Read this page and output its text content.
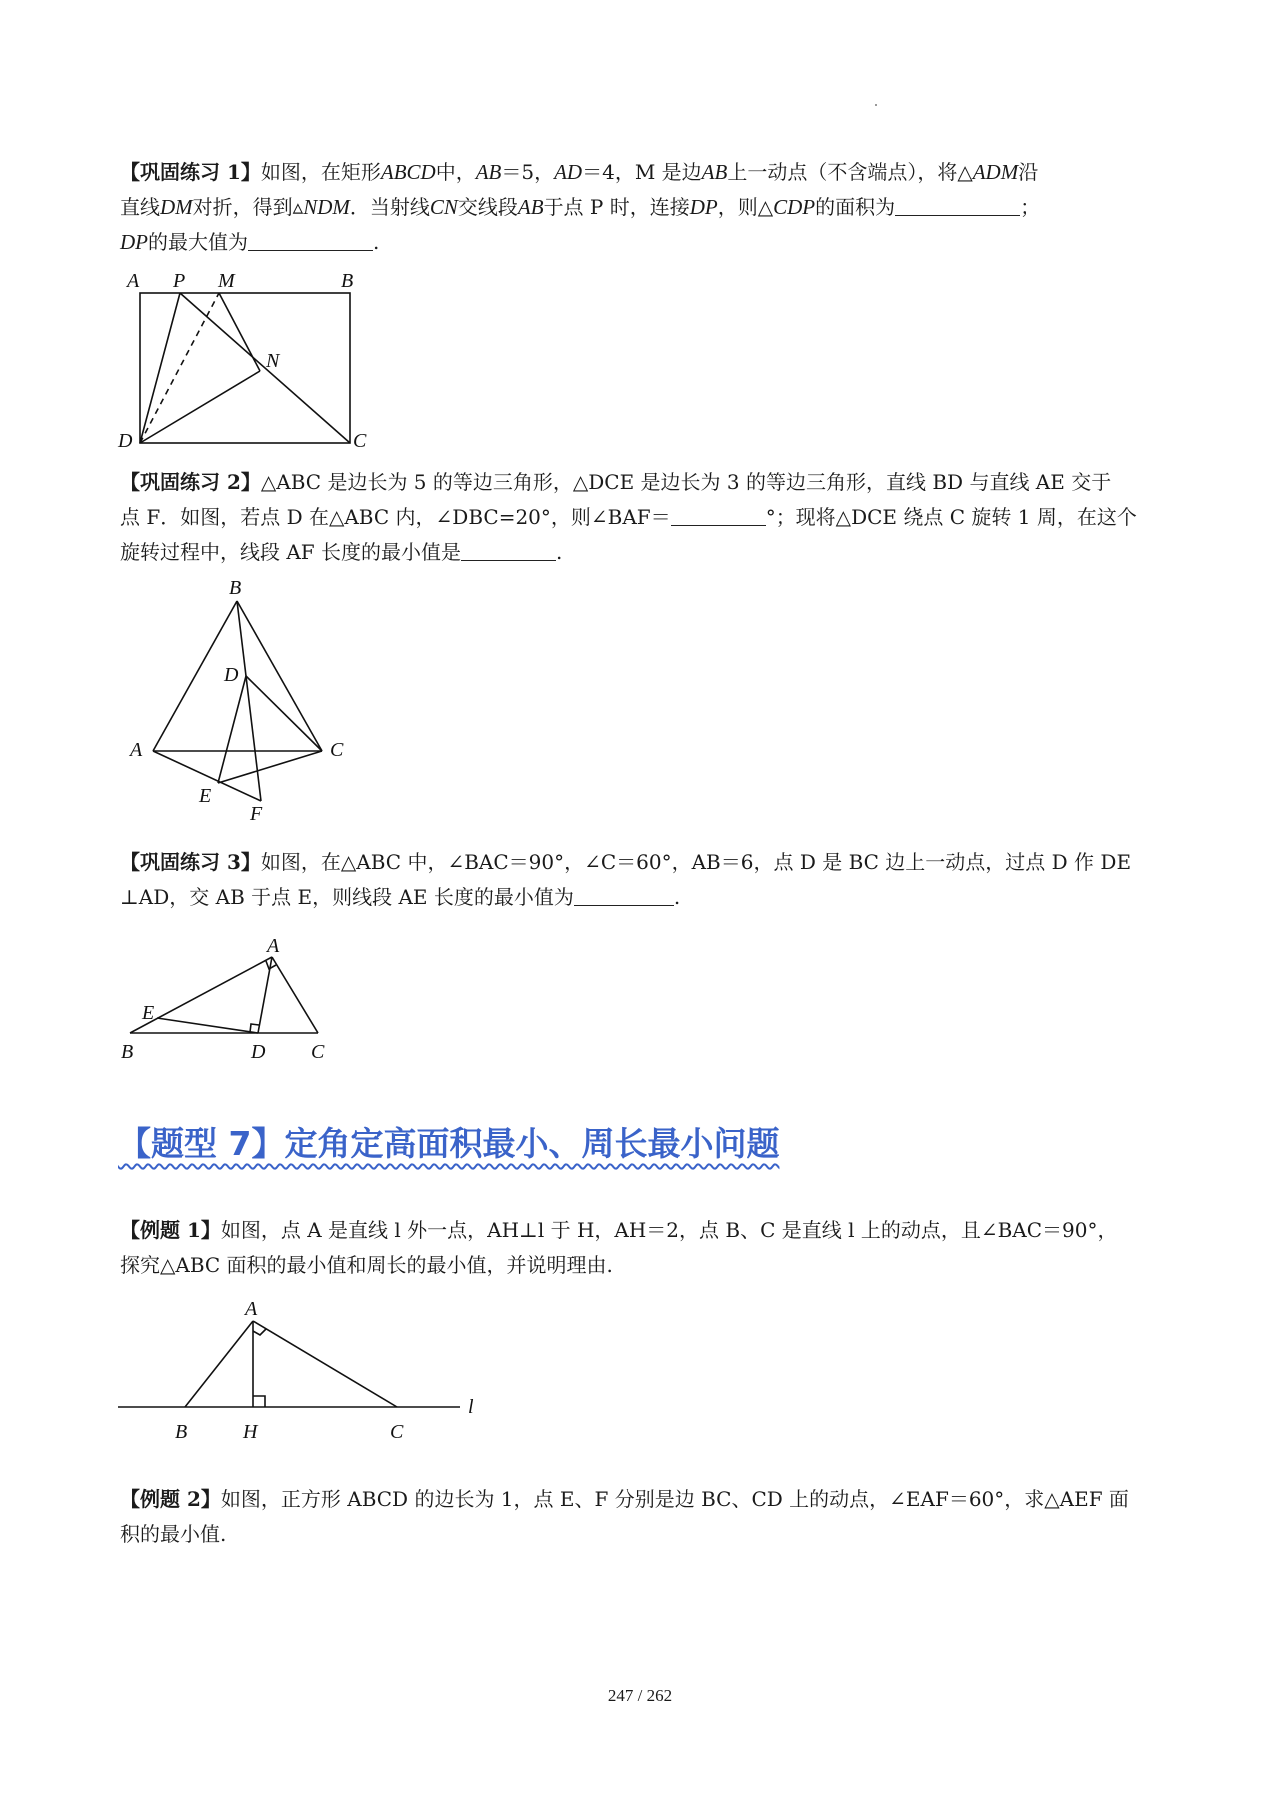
【巩固练习 1】如图，在矩形ABCD中，AB＝5，AD＝4，M 是边AB上一动点（不含端点），将△ADM沿
直线DM对折，得到▵NDM．当射线CN交线段AB于点 P 时，连接DP，则△CDP的面积为	；
DP的最大值为	.
A P M	B
N
D	C
【巩固练习 2】△ABC 是边长为 5 的等边三角形，△DCE 是边长为 3 的等边三角形，直线 BD 与直线 AE 交于
点 F．如图，若点 D 在△ABC 内，∠DBC=20°，则∠BAF＝	°；现将△DCE 绕点 C 旋转 1 周，在这个
旋转过程中，线段 AF 长度的最小值是	.
B
D
A	C
E
F
【巩固练习 3】如图，在△ABC 中，∠BAC＝90°，∠C＝60°，AB＝6，点 D 是 BC 边上一动点，过点 D 作 DE
⊥AD，交 AB 于点 E，则线段 AE 长度的最小值为	.
A
E
B	D C
【题型 7】定角定高面积最小、周长最小问题
【例题 1】如图，点 A 是直线 l 外一点，AH⊥l 于 H，AH＝2，点 B、C 是直线 l 上的动点，且∠BAC＝90°，
探究△ABC 面积的最小值和周长的最小值，并说明理由.
A
B	H	C
l
【例题 2】如图，正方形 ABCD 的边长为 1，点 E、F 分别是边 BC、CD 上的动点，∠EAF＝60°，求△AEF 面
积的最小值.
247 / 262
